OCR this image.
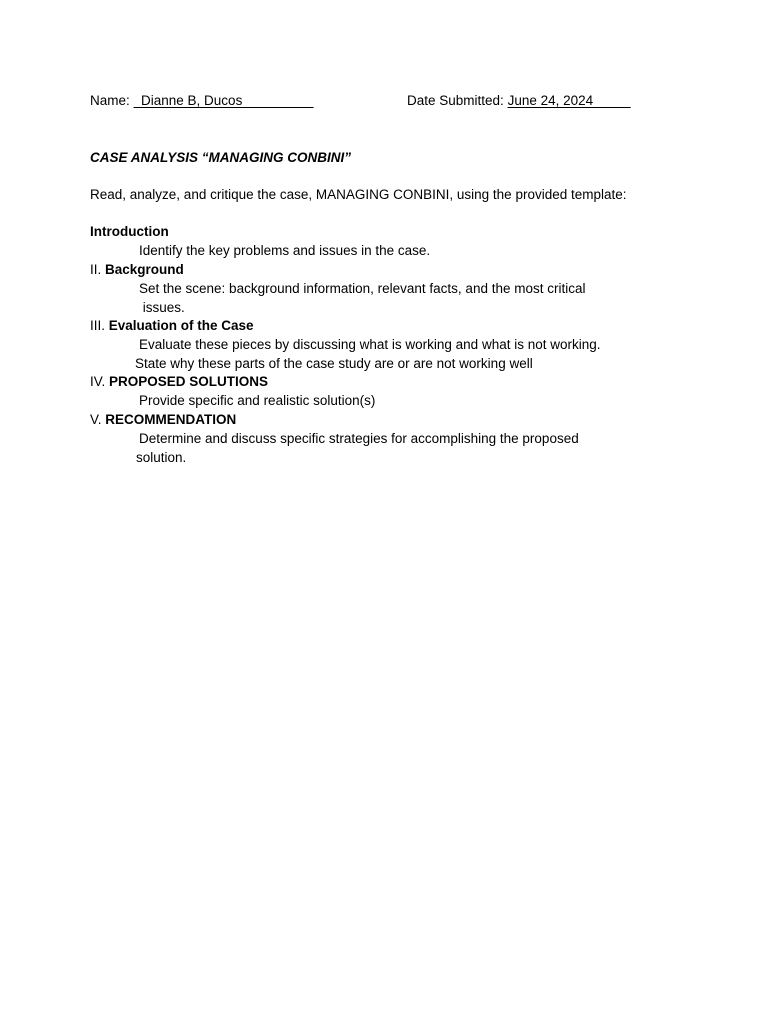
Name:   Dianne B, Ducos	Date Submitted: June 24, 2024
CASE ANALYSIS “MANAGING CONBINI”
Read, analyze, and critique the case, MANAGING CONBINI, using the provided template:
Introduction
Identify the key problems and issues in the case.
II. Background
Set the scene: background information, relevant facts, and the most critical
issues.
III. Evaluation of the Case
Evaluate these pieces by discussing what is working and what is not working.
State why these parts of the case study are or are not working well
IV. PROPOSED SOLUTIONS
Provide specific and realistic solution(s)
V. RECOMMENDATION
Determine and discuss specific strategies for accomplishing the proposed
solution.
